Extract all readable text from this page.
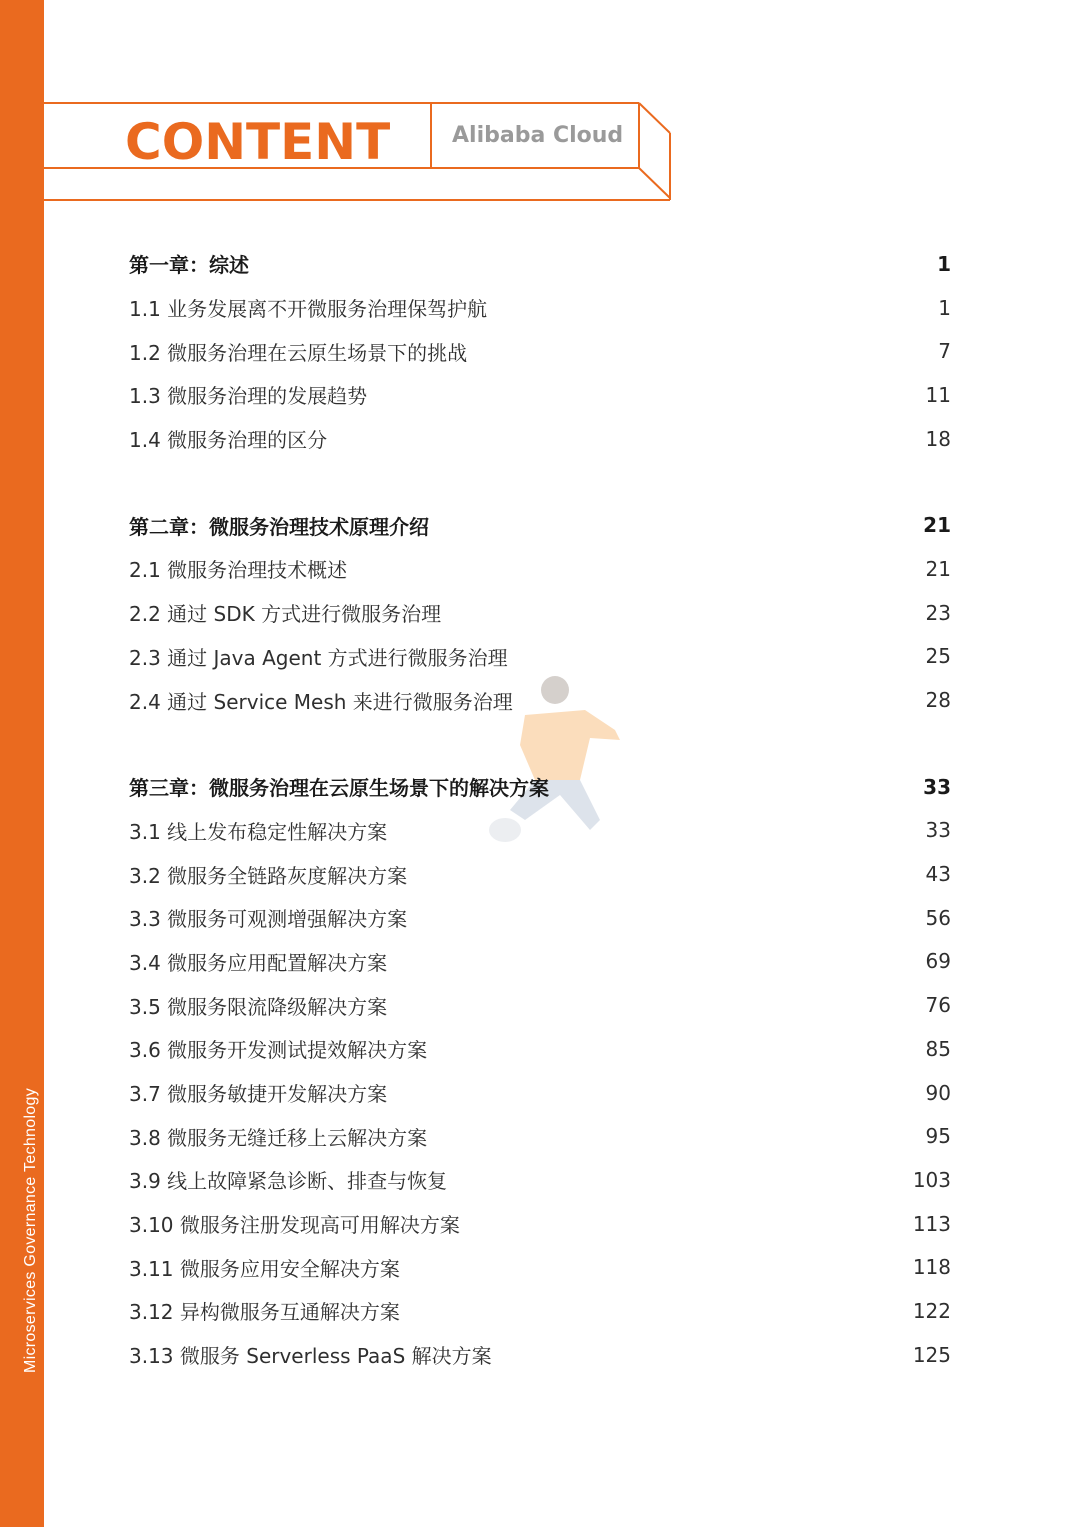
Microservices Governance Technology
CONTENT	Alibaba Cloud
第一章：综述	1
1.1 业务发展离不开微服务治理保驾护航	1
1.2 微服务治理在云原生场景下的挑战	7
1.3 微服务治理的发展趋势	11
1.4 微服务治理的区分	18
第二章：微服务治理技术原理介绍	21
2.1 微服务治理技术概述	21
2.2 通过 SDK 方式进行微服务治理	23
2.3 通过 Java Agent 方式进行微服务治理	25
2.4 通过 Service Mesh 来进行微服务治理	28
第三章：微服务治理在云原生场景下的解决方案	33
3.1 线上发布稳定性解决方案	33
3.2 微服务全链路灰度解决方案	43
3.3 微服务可观测增强解决方案	56
3.4 微服务应用配置解决方案	69
3.5 微服务限流降级解决方案	76
3.6 微服务开发测试提效解决方案	85
3.7 微服务敏捷开发解决方案	90
3.8 微服务无缝迁移上云解决方案	95
3.9 线上故障紧急诊断、排查与恢复	103
3.10 微服务注册发现高可用解决方案	113
3.11 微服务应用安全解决方案	118
3.12 异构微服务互通解决方案	122
3.13 微服务 Serverless PaaS 解决方案	125
